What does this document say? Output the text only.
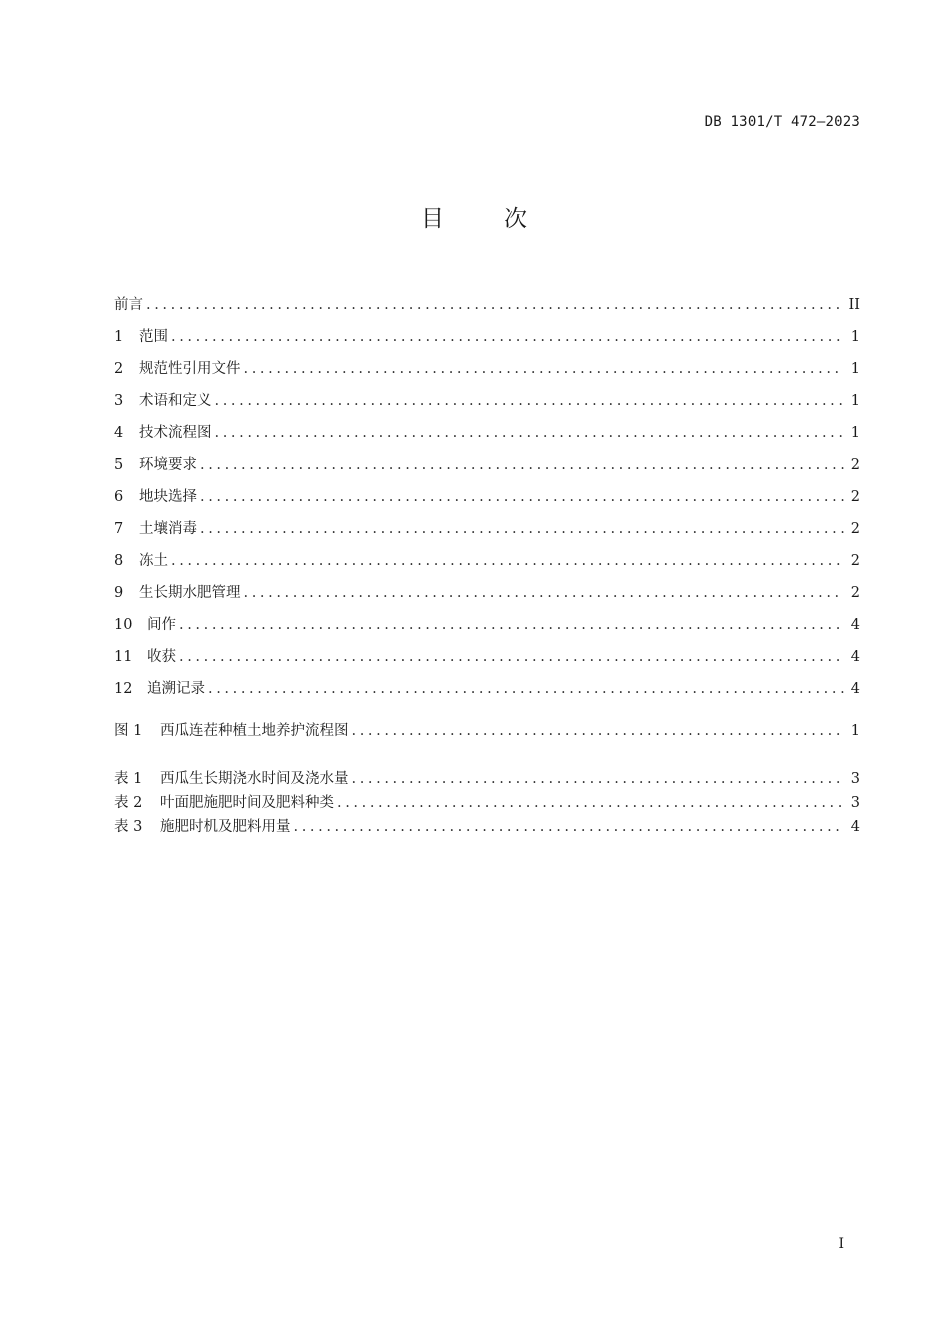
DB 1301/T 472—2023
目	次
前言 .....	II
1	范围 .....	1
2	规范性引用文件 .....	1
3	术语和定义 .....	1
4	技术流程图 .....	1
5	环境要求 .....	2
6	地块选择 .....	2
7	土壤消毒 .....	2
8	冻土 .....	2
9	生长期水肥管理 .....	2
10	间作 .....	4
11	收获 .....	4
12	追溯记录 .....	4
图 1	西瓜连茬种植土地养护流程图 .....	1
表 1	西瓜生长期浇水时间及浇水量 .....	3
表 2	叶面肥施肥时间及肥料种类 .....	3
表 3	施肥时机及肥料用量 .....	4
I
